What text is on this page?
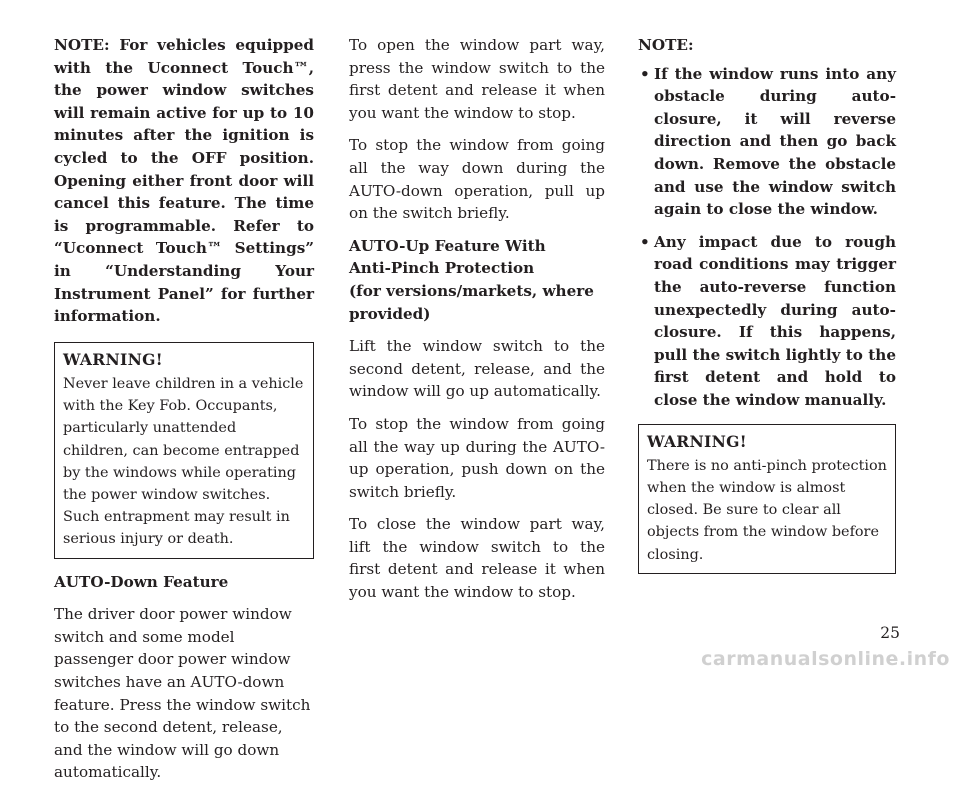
NOTE: For vehicles equipped with the Uconnect Touch™, the power window switches will remain active for up to 10 minutes after the ignition is cycled to the OFF position. Opening either front door will cancel this feature. The time is programmable. Refer to “Uconnect Touch™ Settings” in “Understanding Your Instrument Panel” for further information.

WARNING!

Never leave children in a vehicle with the Key Fob. Occupants, particularly unattended children, can become entrapped by the windows while operating the power window switches. Such entrapment may result in serious injury or death.

AUTO-Down Feature

The driver door power window switch and some model passenger door power window switches have an AUTO-down feature. Press the window switch to the second detent, release, and the window will go down automatically.

To open the window part way, press the window switch to the first detent and release it when you want the window to stop.

To stop the window from going all the way down during the AUTO-down operation, pull up on the switch briefly.

AUTO-Up Feature With
Anti-Pinch Protection
(for versions/markets, where provided)

Lift the window switch to the second detent, release, and the window will go up automatically.

To stop the window from going all the way up during the AUTO-up operation, push down on the switch briefly.

To close the window part way, lift the window switch to the first detent and release it when you want the window to stop.

NOTE:

• If the window runs into any obstacle during auto-closure, it will reverse direction and then go back down. Remove the obstacle and use the window switch again to close the window.
• Any impact due to rough road conditions may trigger the auto-reverse function unexpectedly during auto-closure. If this happens, pull the switch lightly to the first detent and hold to close the window manually.
WARNING!

There is no anti-pinch protection when the window is almost closed. Be sure to clear all objects from the window before closing.

25
carmanualsonline.info
